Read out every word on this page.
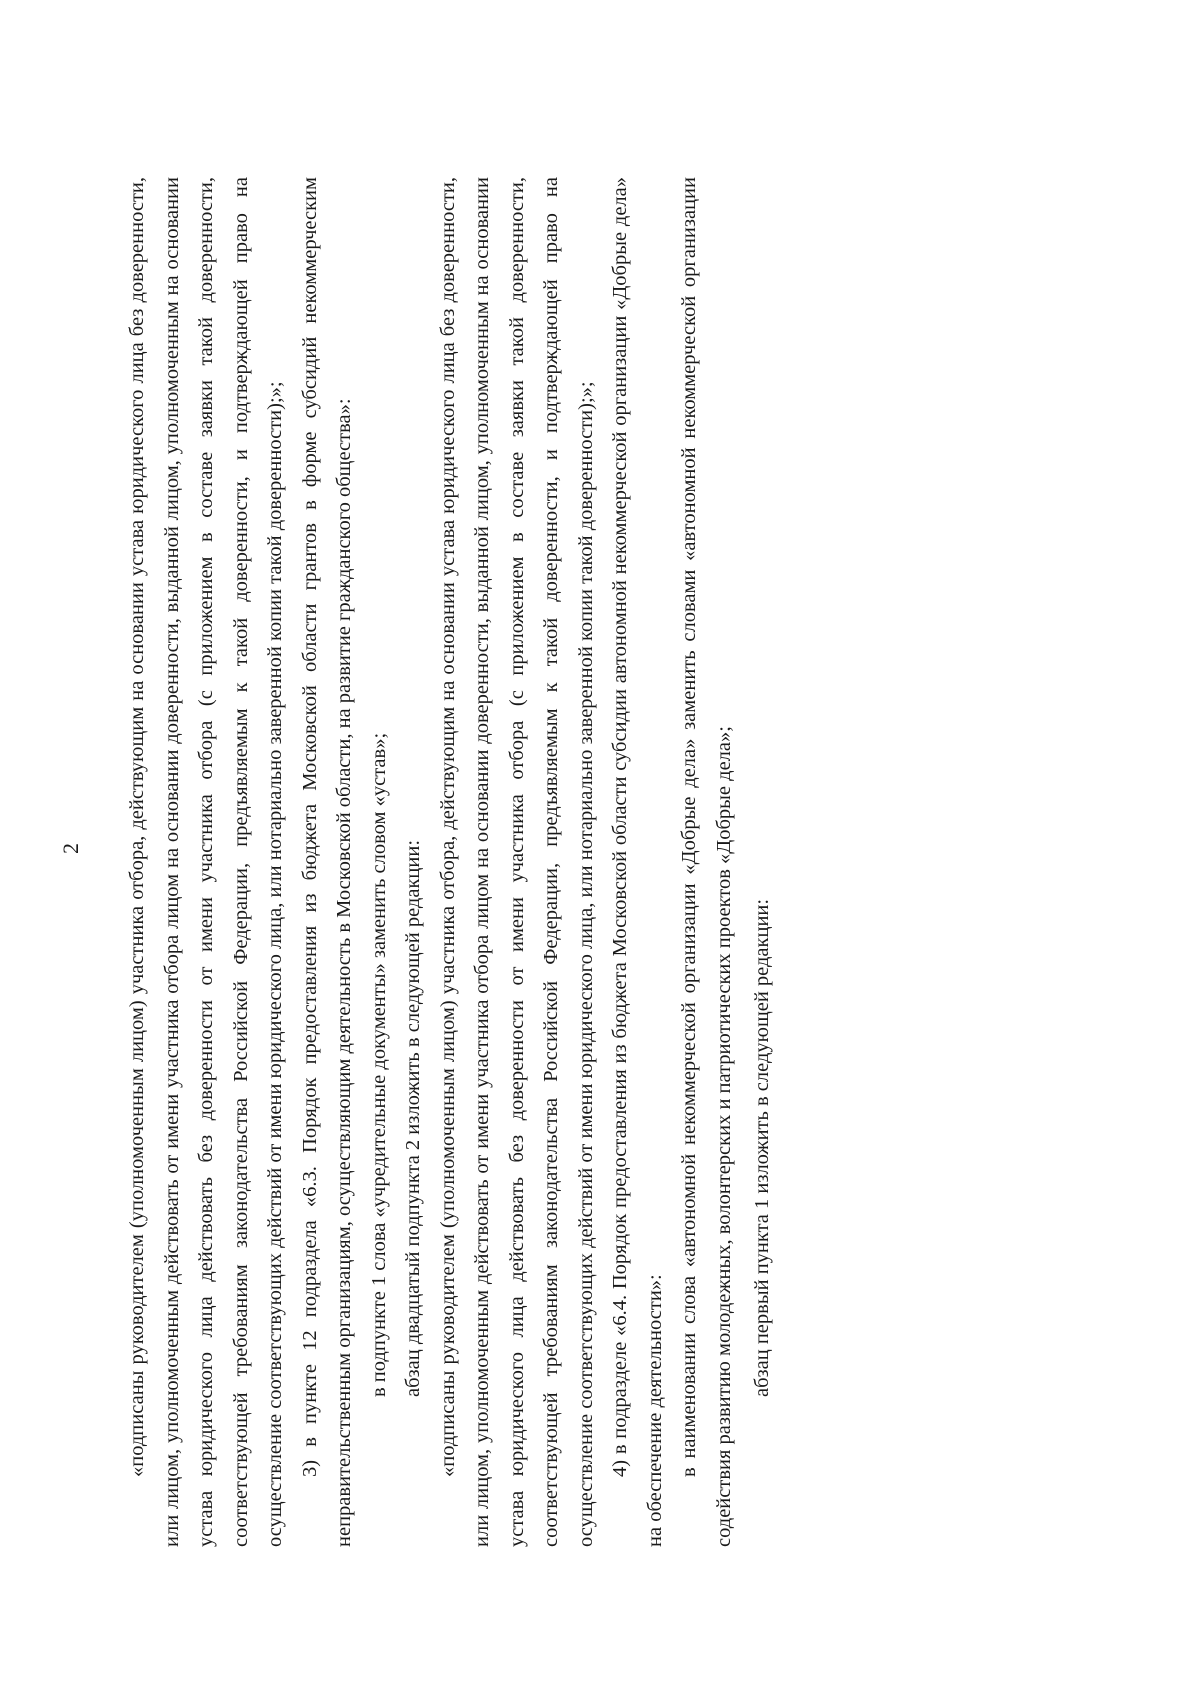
2 «подписаны руководителем (уполномоченным лицом) участника отбора, действующим на основании устава юридического лица без доверенности, или лицом, уполномоченным действовать от имени участника отбора лицом на основании доверенности, выданной лицом, уполномоченным на основании устава юридического лица действовать без доверенности от имени участника отбора (с приложением в составе заявки такой доверенности, соответствующей требованиям законодательства Российской Федерации, предъявляемым к такой доверенности, и подтверждающей право на осуществление соответствующих действий от имени юридического лица, или нотариально заверенной копии такой доверенности);»; 3) в пункте 12 подраздела «6.3. Порядок предоставления из бюджета Московской области грантов в форме субсидий некоммерческим неправительственным организациям, осуществляющим деятельность в Московской области, на развитие гражданского общества»: в подпункте 1 слова «учредительные документы» заменить словом «устав»; абзац двадцатый подпункта 2 изложить в следующей редакции: «подписаны руководителем (уполномоченным лицом) участника отбора, действующим на основании устава юридического лица без доверенности, или лицом, уполномоченным действовать от имени участника отбора лицом на основании доверенности, выданной лицом, уполномоченным на основании устава юридического лица действовать без доверенности от имени участника отбора (с приложением в составе заявки такой доверенности, соответствующей требованиям законодательства Российской Федерации, предъявляемым к такой доверенности, и подтверждающей право на осуществление соответствующих действий от имени юридического лица, или нотариально заверенной копии такой доверенности);»; 4) в подразделе «6.4. Порядок предоставления из бюджета Московской области субсидии автономной некоммерческой организации «Добрые дела» на обеспечение деятельности»: в наименовании слова «автономной некоммерческой организации «Добрые дела» заменить словами «автономной некоммерческой организации содействия развитию молодежных, волонтерских и патриотических проектов «Добрые дела»; абзац первый пункта 1 изложить в следующей редакции:
